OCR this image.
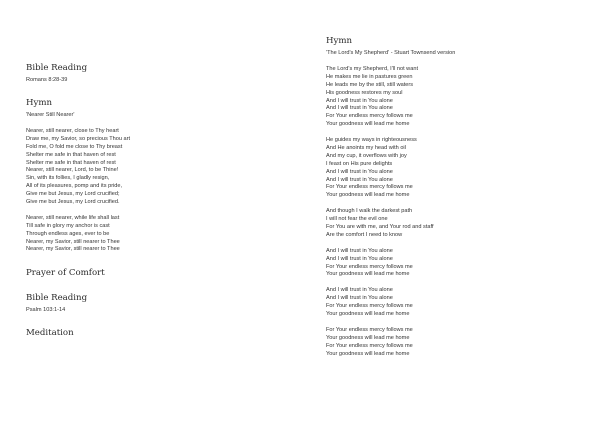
Bible Reading
Romans 8:28-39
Hymn
'Nearer Still Nearer'
Nearer, still nearer, close to Thy heart
Draw me, my Savior, so precious Thou art
Fold me, O fold me close to Thy breast
Shelter me safe in that haven of rest
Shelter me safe in that haven of rest
Nearer, still nearer, Lord, to be Thine!
Sin, with its follies, I gladly resign,
All of its pleasures, pomp and its pride,
Give me but Jesus, my Lord crucified;
Give me but Jesus, my Lord crucified.
Nearer, still nearer, while life shall last
Till safe in glory my anchor is cast
Through endless ages, ever to be
Nearer, my Savior, still nearer to Thee
Nearer, my Savior, still nearer to Thee
Prayer of Comfort
Bible Reading
Psalm 103:1-14
Meditation
Hymn
'The Lord's My Shepherd' - Stuart Townsend version
The Lord's my Shepherd, I'll not want
He makes me lie in pastures green
He leads me by the still, still waters
His goodness restores my soul
And I will trust in You alone
And I will trust in You alone
For Your endless mercy follows me
Your goodness will lead me home
He guides my ways in righteousness
And He anoints my head with oil
And my cup, it overflows with joy
I feast on His pure delights
And I will trust in You alone
And I will trust in You alone
For Your endless mercy follows me
Your goodness will lead me home
And though I walk the darkest path
I will not fear the evil one
For You are with me, and Your rod and staff
Are the comfort I need to know
And I will trust in You alone
And I will trust in You alone
For Your endless mercy follows me
Your goodness will lead me home
And I will trust in You alone
And I will trust in You alone
For Your endless mercy follows me
Your goodness will lead me home
For Your endless mercy follows me
Your goodness will lead me home
For Your endless mercy follows me
Your goodness will lead me home
